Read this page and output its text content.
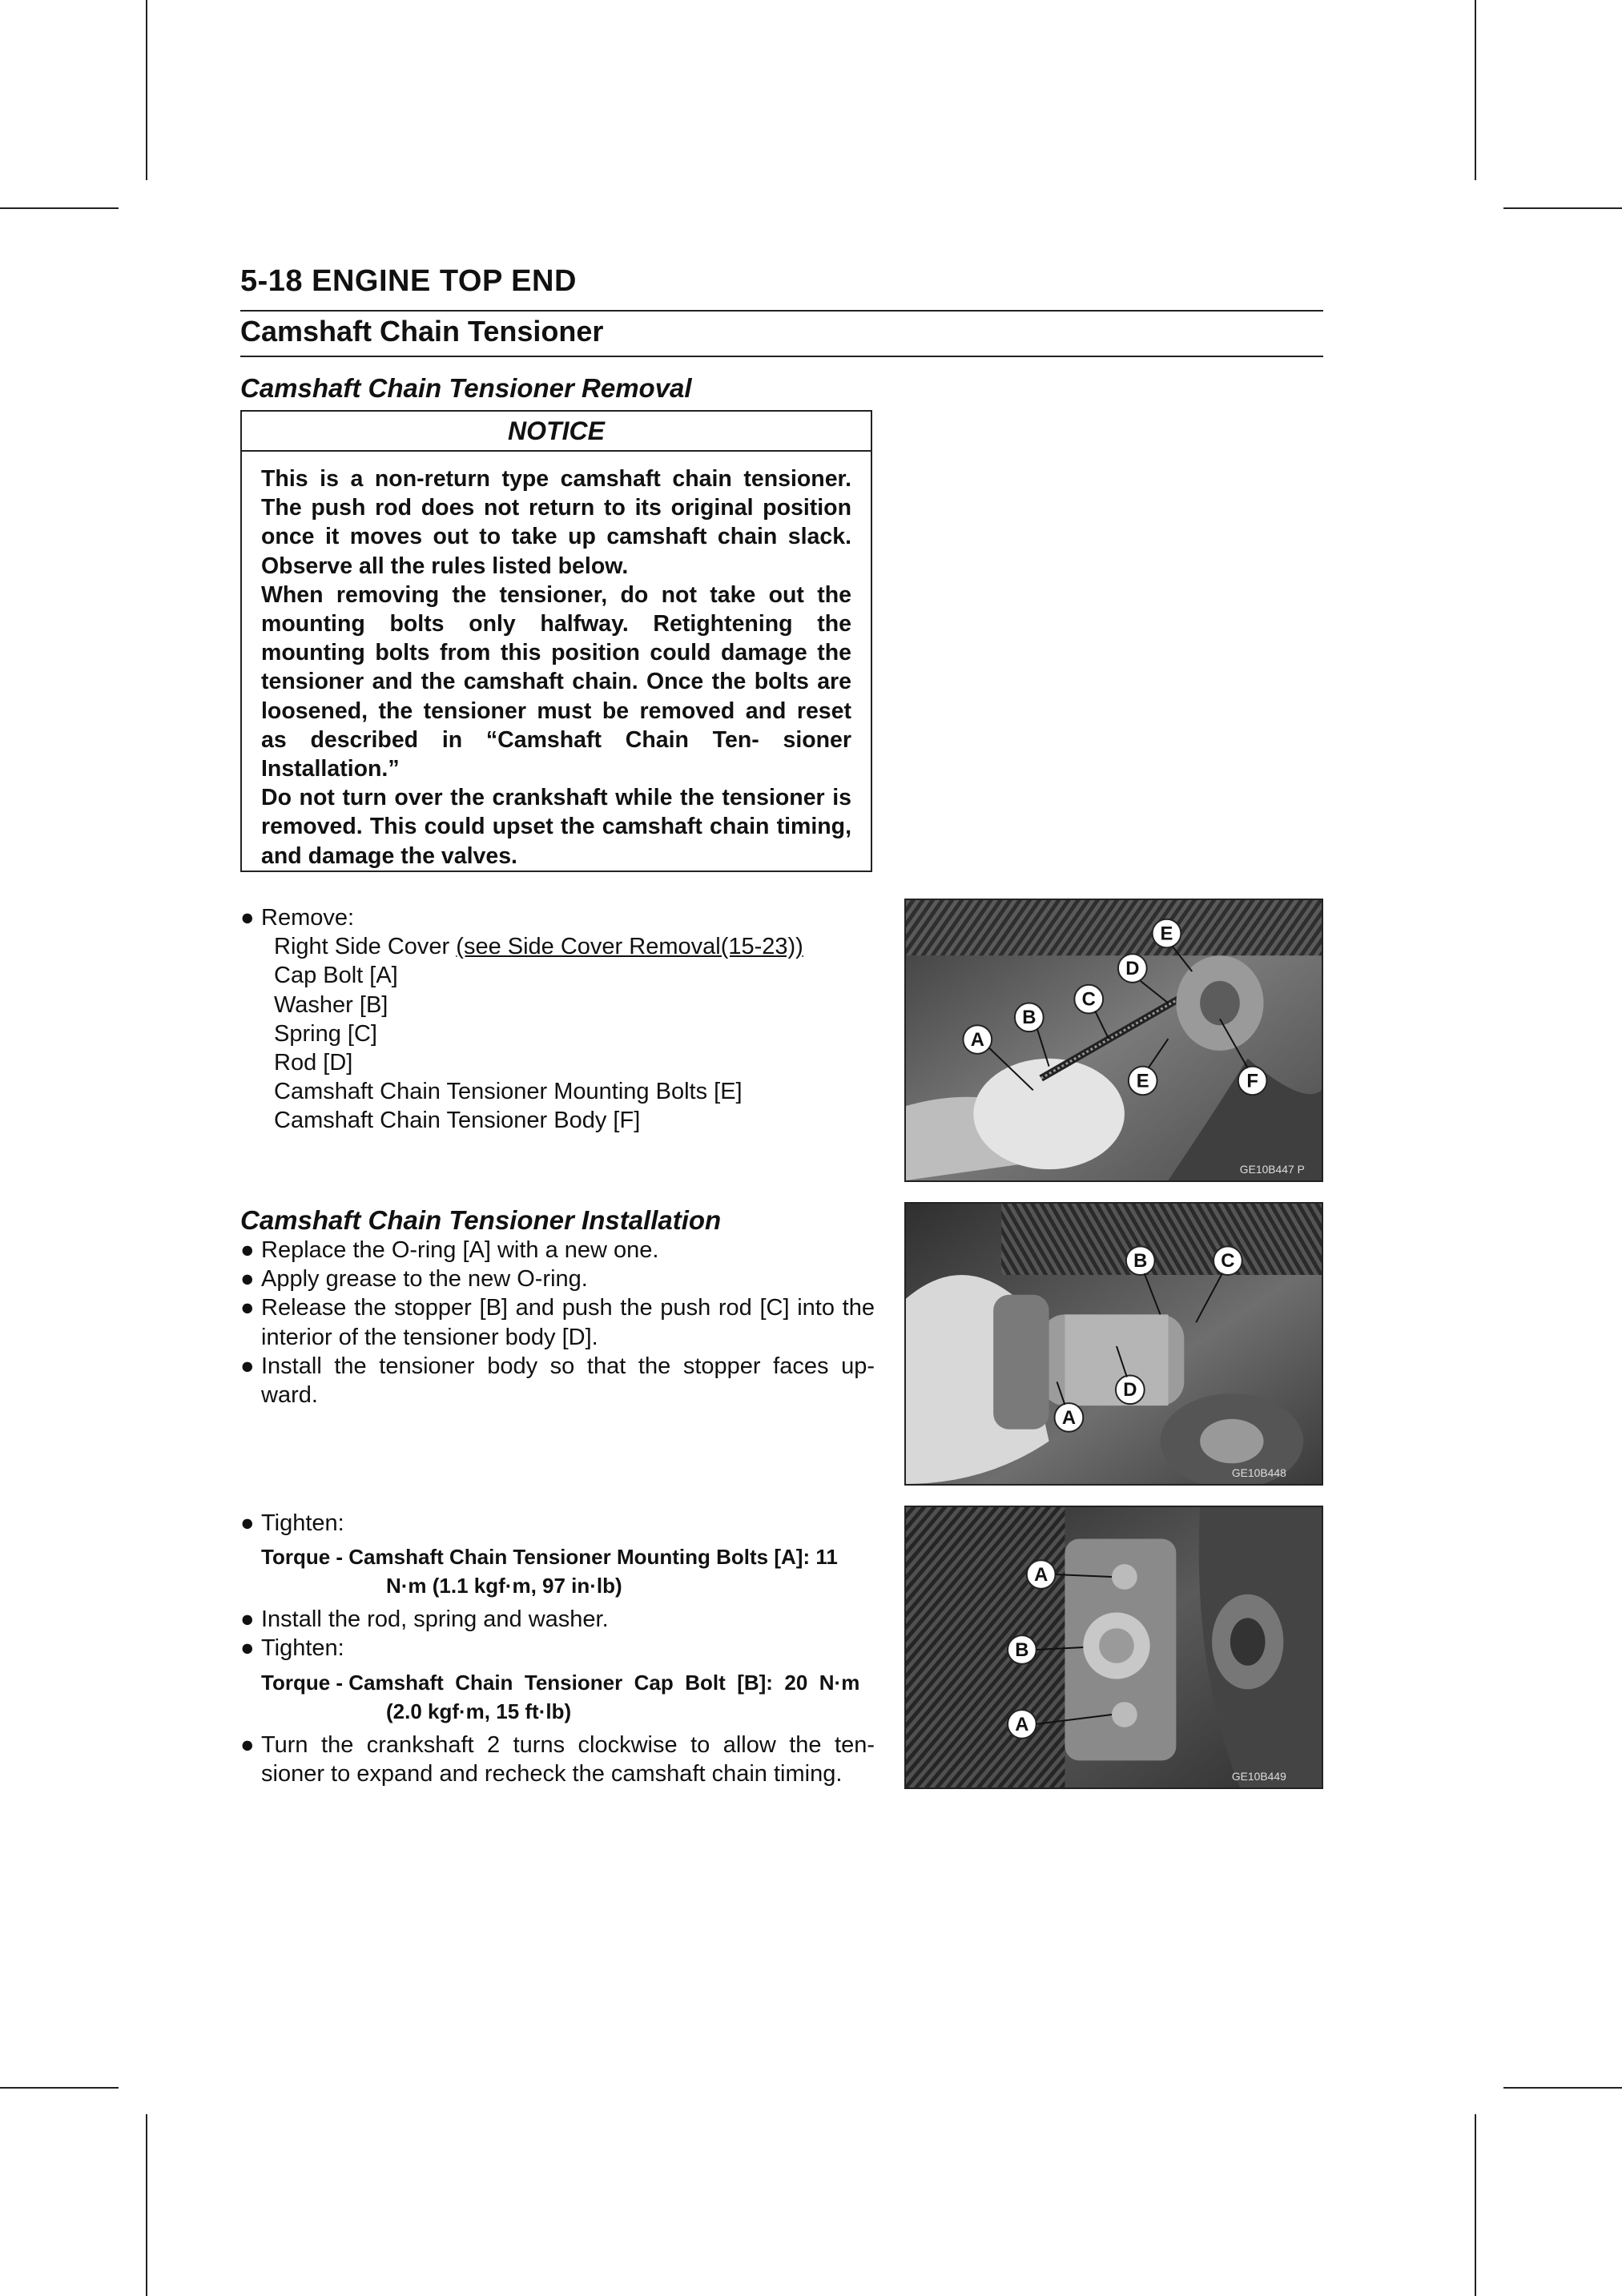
5-18 ENGINE TOP END
Camshaft Chain Tensioner
Camshaft Chain Tensioner Removal
NOTICE

This is a non-return type camshaft chain tensioner. The push rod does not return to its original position once it moves out to take up camshaft chain slack. Observe all the rules listed below.

When removing the tensioner, do not take out the mounting bolts only halfway. Retightening the mounting bolts from this position could damage the tensioner and the camshaft chain. Once the bolts are loosened, the tensioner must be removed and reset as described in “Camshaft Chain Ten- sioner Installation.”

Do not turn over the crankshaft while the tensioner is removed. This could upset the camshaft chain timing, and damage the valves.

● Remove:
Right Side Cover (see Side Cover Removal(15-23))
Cap Bolt [A]
Washer [B]
Spring [C]
Rod [D]
Camshaft Chain Tensioner Mounting Bolts [E]
Camshaft Chain Tensioner Body [F]
A
B
C
D
E
E	F
GE10B447 P
Camshaft Chain Tensioner Installation
● Replace the O-ring [A] with a new one.
● Apply grease to the new O-ring.
● Release the stopper [B] and push the push rod [C] into the interior of the tensioner body [D].
● Install the tensioner body so that the stopper faces up- ward.
A
B	C
D
GE10B448
● Tighten:
Torque - Camshaft Chain Tensioner Mounting Bolts [A]: 11
N·m (1.1 kgf·m, 97 in·lb)
● Install the rod, spring and washer.
● Tighten:
Torque - Camshaft  Chain  Tensioner  Cap  Bolt  [B]:  20  N·m
(2.0 kgf·m, 15 ft·lb)
● Turn the crankshaft 2 turns clockwise to allow the ten- sioner to expand and recheck the camshaft chain timing.
A
B
A
GE10B449
